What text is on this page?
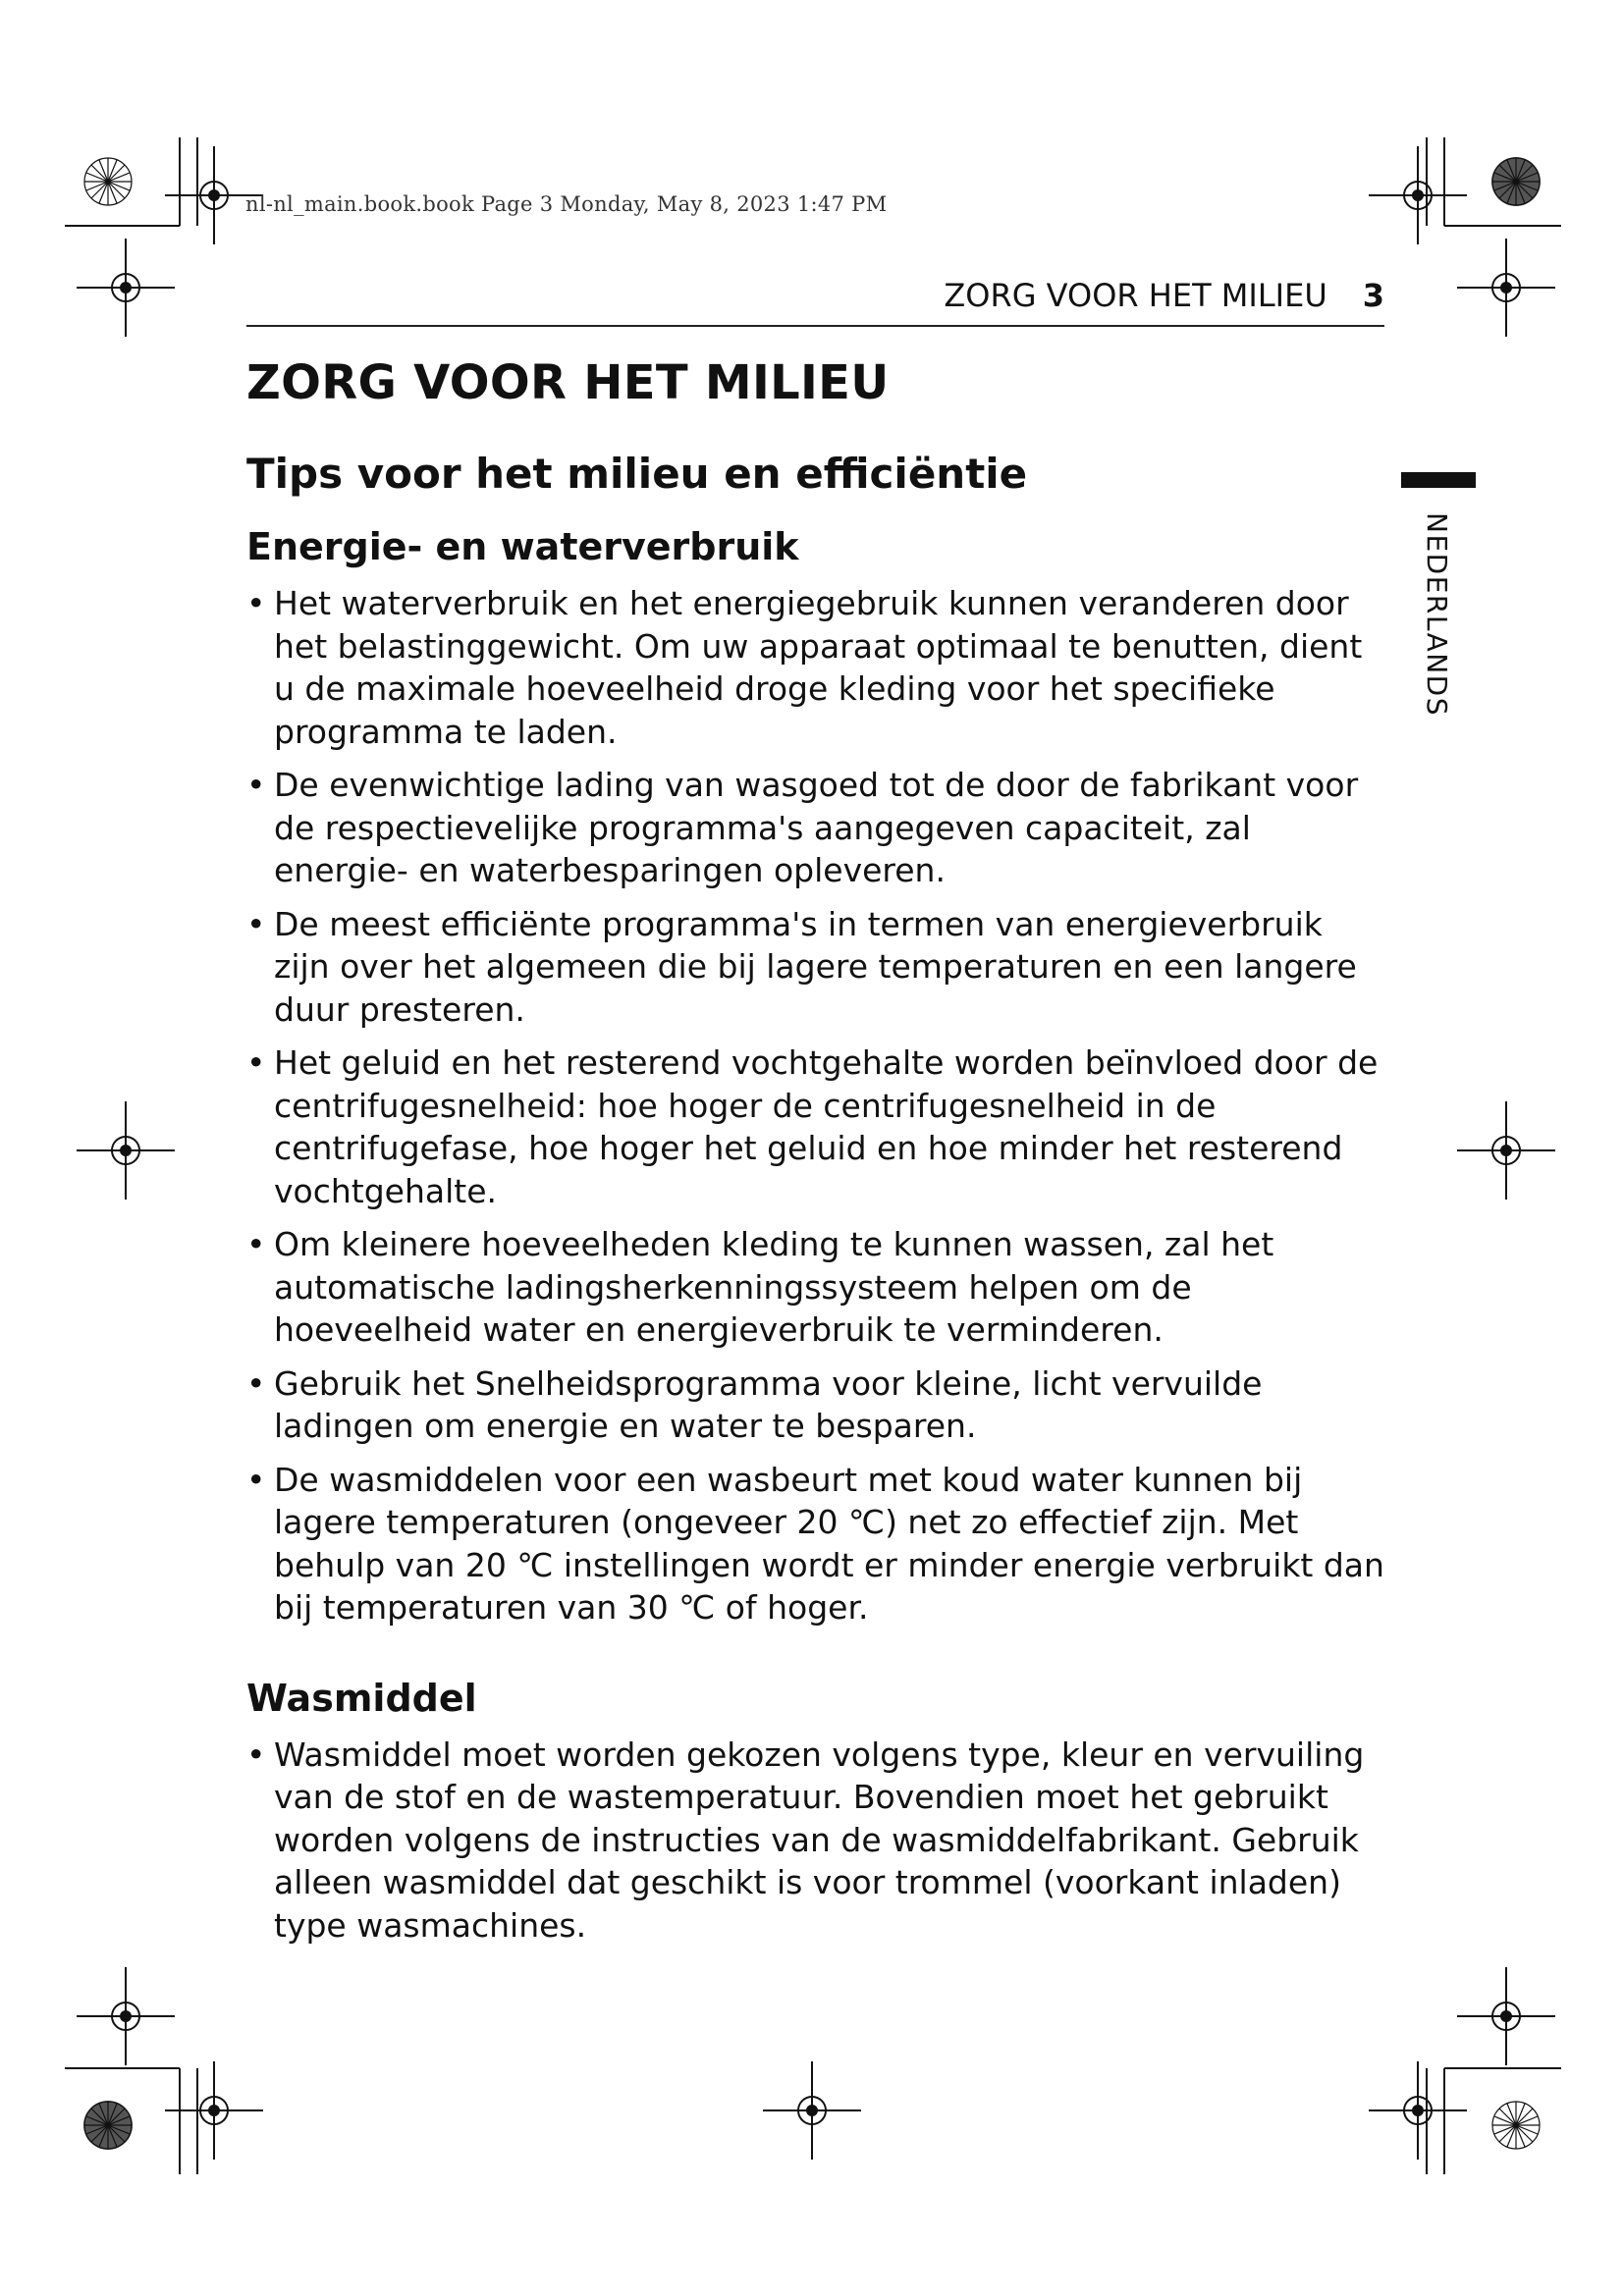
nl-nl_main.book.book Page 3 Monday, May 8, 2023 1:47 PM
ZORG VOOR HET MILIEU 3
NEDERLANDS
ZORG VOOR HET MILIEU
Tips voor het milieu en efficiëntie
Energie- en waterverbruik
• Het waterverbruik en het energiegebruik kunnen veranderen door het belastinggewicht. Om uw apparaat optimaal te benutten, dient u de maximale hoeveelheid droge kleding voor het specifieke programma te laden.
• De evenwichtige lading van wasgoed tot de door de fabrikant voor de respectievelijke programma's aangegeven capaciteit, zal energie- en waterbesparingen opleveren.
• De meest efficiënte programma's in termen van energieverbruik zijn over het algemeen die bij lagere temperaturen en een langere duur presteren.
• Het geluid en het resterend vochtgehalte worden beïnvloed door de centrifugesnelheid: hoe hoger de centrifugesnelheid in de centrifugefase, hoe hoger het geluid en hoe minder het resterend vochtgehalte.
• Om kleinere hoeveelheden kleding te kunnen wassen, zal het automatische ladingsherkenningssysteem helpen om de hoeveelheid water en energieverbruik te verminderen.
• Gebruik het Snelheidsprogramma voor kleine, licht vervuilde ladingen om energie en water te besparen.
• De wasmiddelen voor een wasbeurt met koud water kunnen bij lagere temperaturen (ongeveer 20 ℃) net zo effectief zijn. Met behulp van 20 ℃ instellingen wordt er minder energie verbruikt dan bij temperaturen van 30 ℃ of hoger.
Wasmiddel
• Wasmiddel moet worden gekozen volgens type, kleur en vervuiling van de stof en de wastemperatuur. Bovendien moet het gebruikt worden volgens de instructies van de wasmiddelfabrikant. Gebruik alleen wasmiddel dat geschikt is voor trommel (voorkant inladen) type wasmachines.
